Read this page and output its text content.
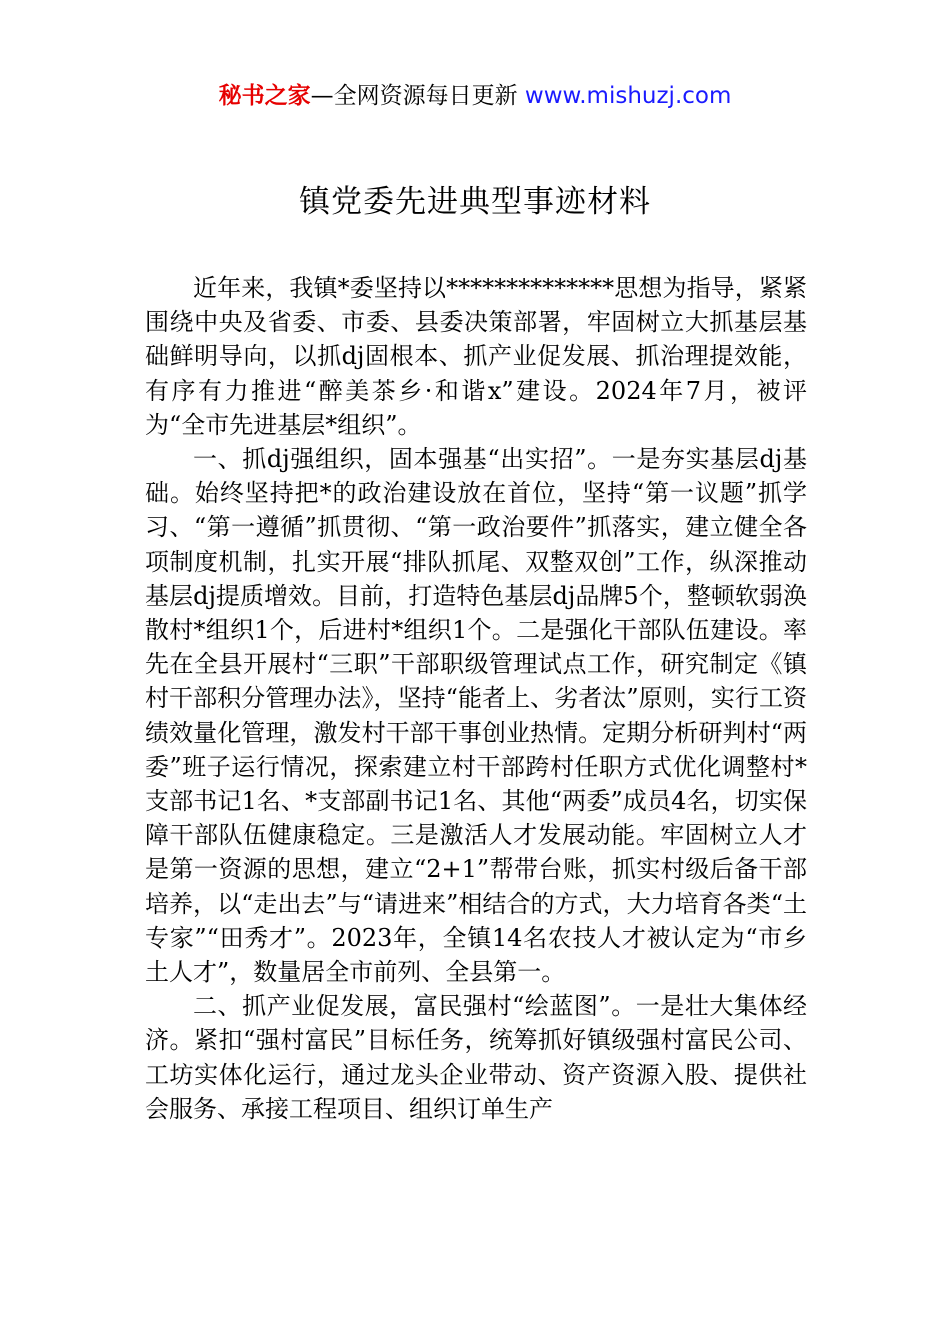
秘书之家—全网资源每日更新 www.mishuzj.com
镇党委先进典型事迹材料

近年来，我镇*委坚持以**************思想为指导，紧紧围绕中央及省委、市委、县委决策部署，牢固树立大抓基层基础鲜明导向，以抓dj固根本、抓产业促发展、抓治理提效能，有序有力推进“醉美茶乡·和谐x”建设。2024年7月，被评为“全市先进基层*组织”。

一、抓dj强组织，固本强基“出实招”。一是夯实基层dj基础。始终坚持把*的政治建设放在首位，坚持“第一议题”抓学习、“第一遵循”抓贯彻、“第一政治要件”抓落实，建立健全各项制度机制，扎实开展“排队抓尾、双整双创”工作，纵深推动基层dj提质增效。目前，打造特色基层dj品牌5个，整顿软弱涣散村*组织1个，后进村*组织1个。二是强化干部队伍建设。率先在全县开展村“三职”干部职级管理试点工作，研究制定《镇村干部积分管理办法》，坚持“能者上、劣者汰”原则，实行工资绩效量化管理，激发村干部干事创业热情。定期分析研判村“两委”班子运行情况，探索建立村干部跨村任职方式优化调整村*支部书记1名、*支部副书记1名、其他“两委”成员4名，切实保障干部队伍健康稳定。三是激活人才发展动能。牢固树立人才是第一资源的思想，建立“2+1”帮带台账，抓实村级后备干部培养，以“走出去”与“请进来”相结合的方式，大力培育各类“土专家”“田秀才”。2023年，全镇14名农技人才被认定为“市乡土人才”，数量居全市前列、全县第一。

二、抓产业促发展，富民强村“绘蓝图”。一是壮大集体经济。紧扣“强村富民”目标任务，统筹抓好镇级强村富民公司、工坊实体化运行，通过龙头企业带动、资产资源入股、提供社会服务、承接工程项目、组织订单生产
